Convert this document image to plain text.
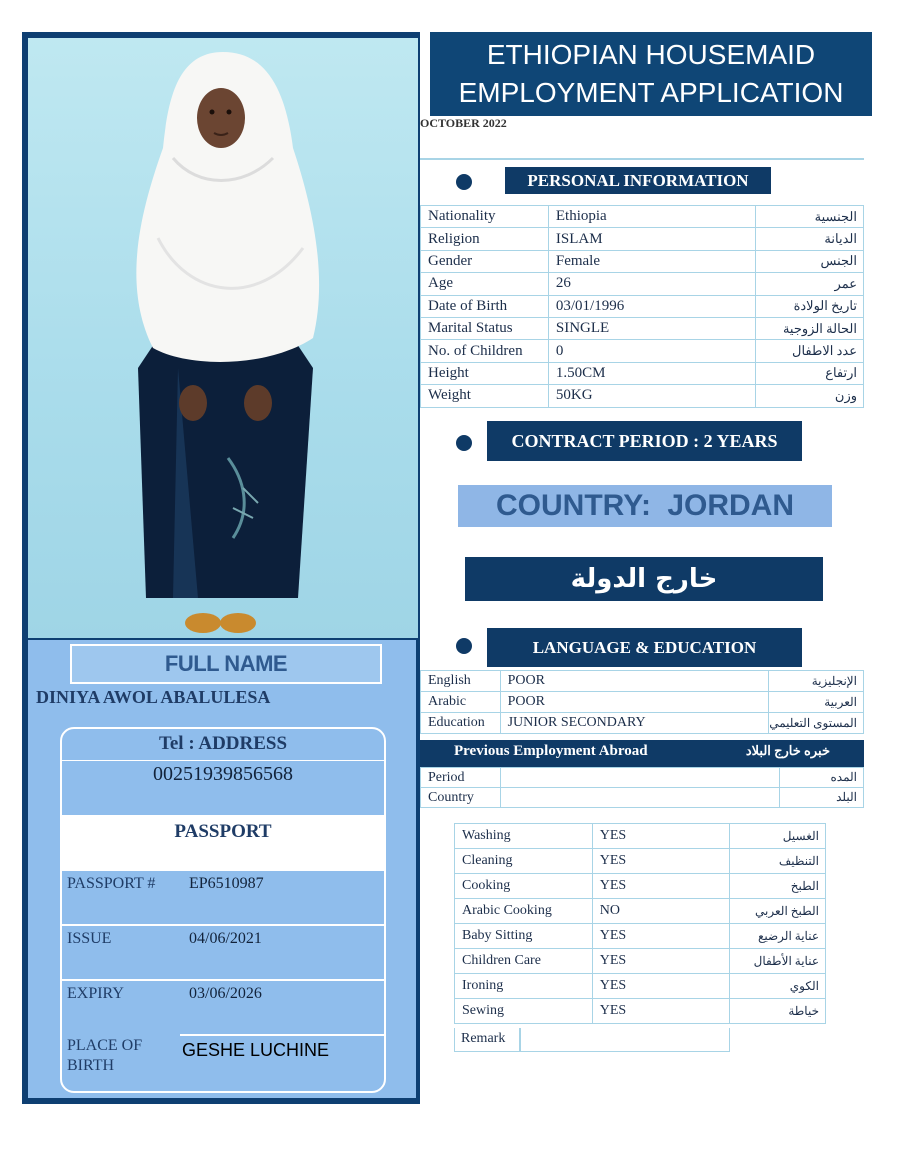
FULL NAME
DINIYA AWOL ABALULESA
Tel : ADDRESS
00251939856568
PASSPORT
PASSPORT # EP6510987
ISSUE	04/06/2021
EXPIRY	03/06/2026
PLACE OF
BIRTH
GESHE LUCHINE
ETHIOPIAN HOUSEMAID
EMPLOYMENT APPLICATION
OCTOBER 2022
PERSONAL INFORMATION
Nationality	Ethiopia	الجنسية
Religion	ISLAM	الديانة
Gender	Female	الجنس
Age	26	عمر
Date of Birth	03/01/1996	تاريخ الولادة
Marital Status	SINGLE	الحالة الزوجية
No. of Children	0	عدد الاطفال
Height	1.50CM	ارتفاع
Weight	50KG	وزن
CONTRACT PERIOD : 2 YEARS
COUNTRY: JORDAN
خارج الدولة
LANGUAGE & EDUCATION
English	POOR	الإنجليزية
Arabic	POOR	العربية
Education	JUNIOR SECONDARY	المستوى التعليمي
Previous Employment Abroad	خبره خارج البلاد
Period		المده
Country		البلد
Washing	YES	الغسيل
Cleaning	YES	التنظيف
Cooking	YES	الطبخ
Arabic Cooking	NO	الطبخ العربي
Baby Sitting	YES	عناية الرضيع
Children Care	YES	عناية الأطفال
Ironing	YES	الكوي
Sewing	YES	خياطة
Remark
